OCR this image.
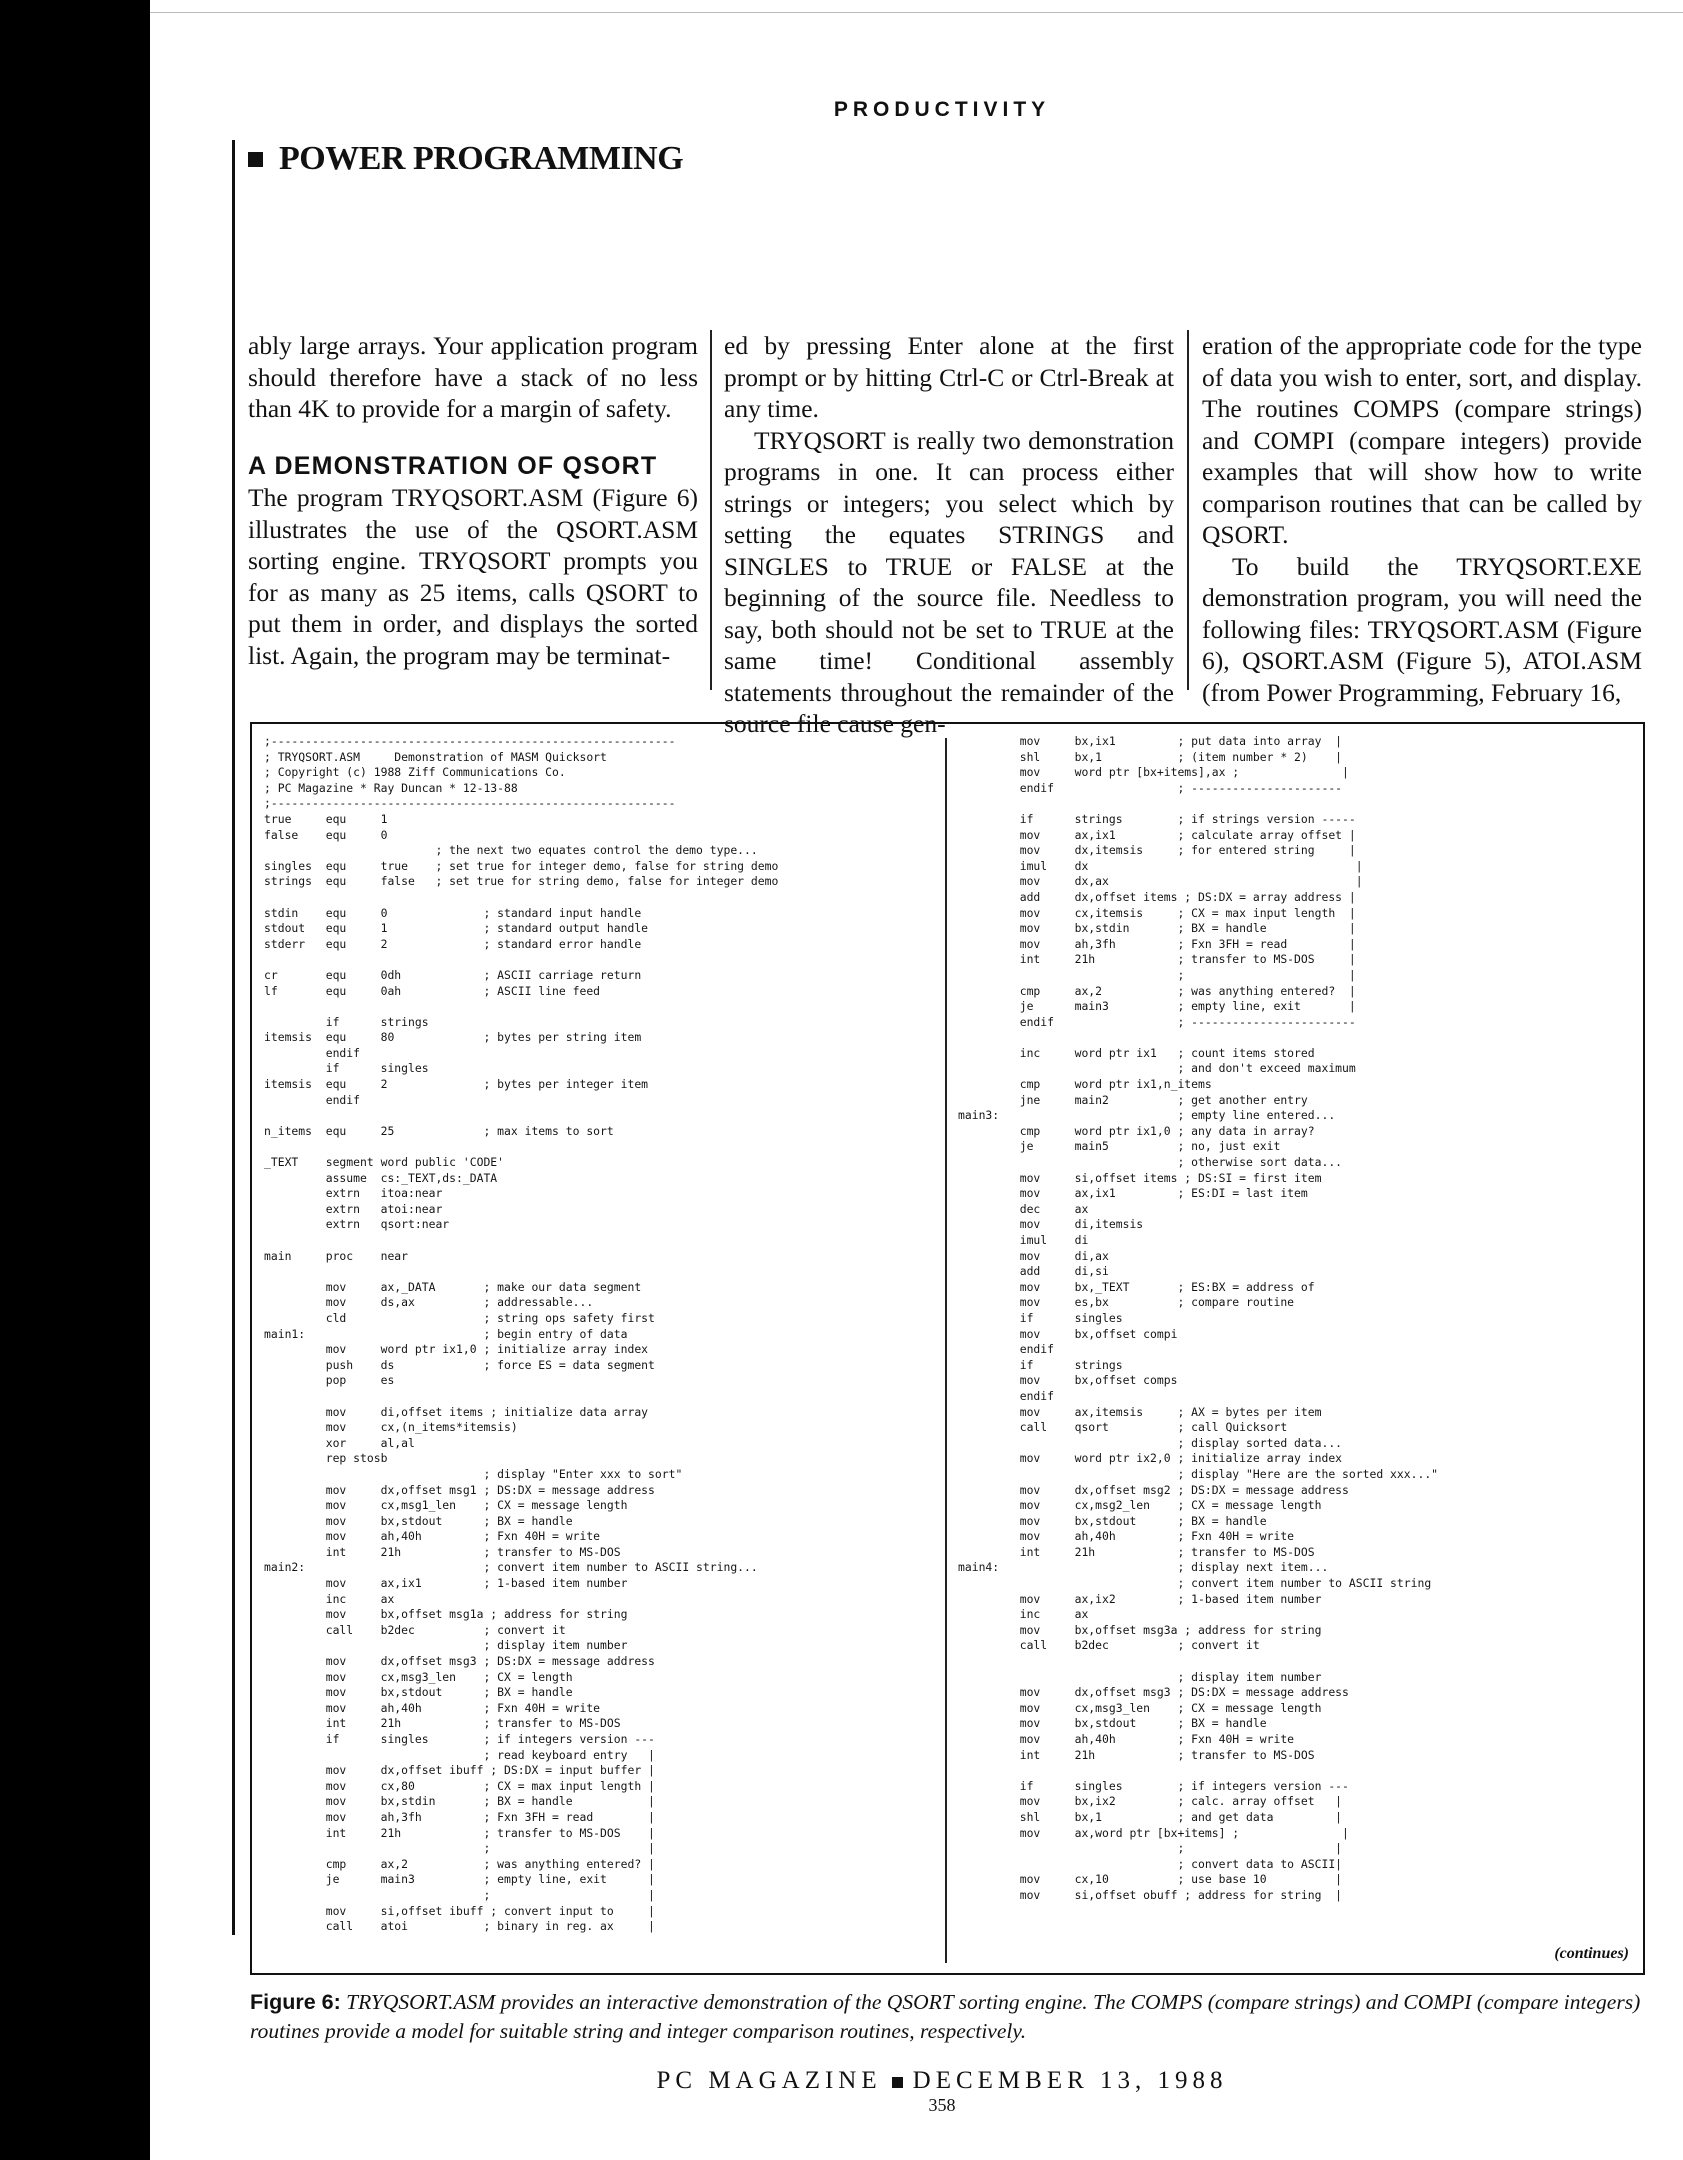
PRODUCTIVITY
POWER PROGRAMMING

ably large arrays. Your application program should therefore have a stack of no less than 4K to provide for a margin of safety.

A DEMONSTRATION OF QSORT

The program TRYQSORT.ASM (Figure 6) illustrates the use of the QSORT.ASM sorting engine. TRYQSORT prompts you for as many as 25 items, calls QSORT to put them in order, and displays the sorted list. Again, the program may be terminat-

ed by pressing Enter alone at the first prompt or by hitting Ctrl-C or Ctrl-Break at any time.

TRYQSORT is really two demonstration programs in one. It can process either strings or integers; you select which by setting the equates STRINGS and SINGLES to TRUE or FALSE at the beginning of the source file. Needless to say, both should not be set to TRUE at the same time! Conditional assembly statements throughout the remainder of the source file cause gen-

eration of the appropriate code for the type of data you wish to enter, sort, and display. The routines COMPS (compare strings) and COMPI (compare integers) provide examples that will show how to write comparison routines that can be called by QSORT.

To build the TRYQSORT.EXE demonstration program, you will need the following files: TRYQSORT.ASM (Figure 6), QSORT.ASM (Figure 5), ATOI.ASM (from Power Programming, February 16,

;-----------------------------------------------------------
; TRYQSORT.ASM     Demonstration of MASM Quicksort
; Copyright (c) 1988 Ziff Communications Co.
; PC Magazine * Ray Duncan * 12-13-88
;-----------------------------------------------------------
true     equ     1
false    equ     0
; the next two equates control the demo type...
singles  equ     true    ; set true for integer demo, false for string demo
strings  equ     false   ; set true for string demo, false for integer demo

stdin    equ     0              ; standard input handle
stdout   equ     1              ; standard output handle
stderr   equ     2              ; standard error handle

cr       equ     0dh            ; ASCII carriage return
lf       equ     0ah            ; ASCII line feed

if      strings
itemsis  equ     80             ; bytes per string item
endif
if      singles
itemsis  equ     2              ; bytes per integer item
endif

n_items  equ     25             ; max items to sort

_TEXT    segment word public 'CODE'
assume  cs:_TEXT,ds:_DATA
extrn   itoa:near
extrn   atoi:near
extrn   qsort:near

main     proc    near

mov     ax,_DATA       ; make our data segment
mov     ds,ax          ; addressable...
cld                    ; string ops safety first
main1:                          ; begin entry of data
mov     word ptr ix1,0 ; initialize array index
push    ds             ; force ES = data segment
pop     es

mov     di,offset items ; initialize data array
mov     cx,(n_items*itemsis)
xor     al,al
rep stosb
; display "Enter xxx to sort"
mov     dx,offset msg1 ; DS:DX = message address
mov     cx,msg1_len    ; CX = message length
mov     bx,stdout      ; BX = handle
mov     ah,40h         ; Fxn 40H = write
int     21h            ; transfer to MS-DOS
main2:                          ; convert item number to ASCII string...
mov     ax,ix1         ; 1-based item number
inc     ax
mov     bx,offset msg1a ; address for string
call    b2dec          ; convert it
; display item number
mov     dx,offset msg3 ; DS:DX = message address
mov     cx,msg3_len    ; CX = length
mov     bx,stdout      ; BX = handle
mov     ah,40h         ; Fxn 40H = write
int     21h            ; transfer to MS-DOS
if      singles        ; if integers version ---
; read keyboard entry   |
mov     dx,offset ibuff ; DS:DX = input buffer |
mov     cx,80          ; CX = max input length |
mov     bx,stdin       ; BX = handle           |
mov     ah,3fh         ; Fxn 3FH = read        |
int     21h            ; transfer to MS-DOS    |
;                       |
cmp     ax,2           ; was anything entered? |
je      main3          ; empty line, exit      |
;                       |
mov     si,offset ibuff ; convert input to     |
call    atoi           ; binary in reg. ax     |
mov     bx,ix1         ; put data into array  |
shl     bx,1           ; (item number * 2)    |
mov     word ptr [bx+items],ax ;               |
endif                  ; ----------------------

if      strings        ; if strings version -----
mov     ax,ix1         ; calculate array offset |
mov     dx,itemsis     ; for entered string     |
imul    dx                                       |
mov     dx,ax                                    |
add     dx,offset items ; DS:DX = array address |
mov     cx,itemsis     ; CX = max input length  |
mov     bx,stdin       ; BX = handle            |
mov     ah,3fh         ; Fxn 3FH = read         |
int     21h            ; transfer to MS-DOS     |
;                        |
cmp     ax,2           ; was anything entered?  |
je      main3          ; empty line, exit       |
endif                  ; ------------------------

inc     word ptr ix1   ; count items stored
; and don't exceed maximum
cmp     word ptr ix1,n_items
jne     main2          ; get another entry
main3:                          ; empty line entered...
cmp     word ptr ix1,0 ; any data in array?
je      main5          ; no, just exit
; otherwise sort data...
mov     si,offset items ; DS:SI = first item
mov     ax,ix1         ; ES:DI = last item
dec     ax
mov     di,itemsis
imul    di
mov     di,ax
add     di,si
mov     bx,_TEXT       ; ES:BX = address of
mov     es,bx          ; compare routine
if      singles
mov     bx,offset compi
endif
if      strings
mov     bx,offset comps
endif
mov     ax,itemsis     ; AX = bytes per item
call    qsort          ; call Quicksort
; display sorted data...
mov     word ptr ix2,0 ; initialize array index
; display "Here are the sorted xxx..."
mov     dx,offset msg2 ; DS:DX = message address
mov     cx,msg2_len    ; CX = message length
mov     bx,stdout      ; BX = handle
mov     ah,40h         ; Fxn 40H = write
int     21h            ; transfer to MS-DOS
main4:                          ; display next item...
; convert item number to ASCII string
mov     ax,ix2         ; 1-based item number
inc     ax
mov     bx,offset msg3a ; address for string
call    b2dec          ; convert it

; display item number
mov     dx,offset msg3 ; DS:DX = message address
mov     cx,msg3_len    ; CX = message length
mov     bx,stdout      ; BX = handle
mov     ah,40h         ; Fxn 40H = write
int     21h            ; transfer to MS-DOS

if      singles        ; if integers version ---
mov     bx,ix2         ; calc. array offset   |
shl     bx,1           ; and get data         |
mov     ax,word ptr [bx+items] ;               |
;                      |
; convert data to ASCII|
mov     cx,10          ; use base 10          |
mov     si,offset obuff ; address for string  |
(continues)
Figure 6: TRYQSORT.ASM provides an interactive demonstration of the QSORT sorting engine. The COMPS (compare strings) and COMPI (compare integers) routines provide a model for suitable string and integer comparison routines, respectively.
PC MAGAZINE DECEMBER 13, 1988
358
